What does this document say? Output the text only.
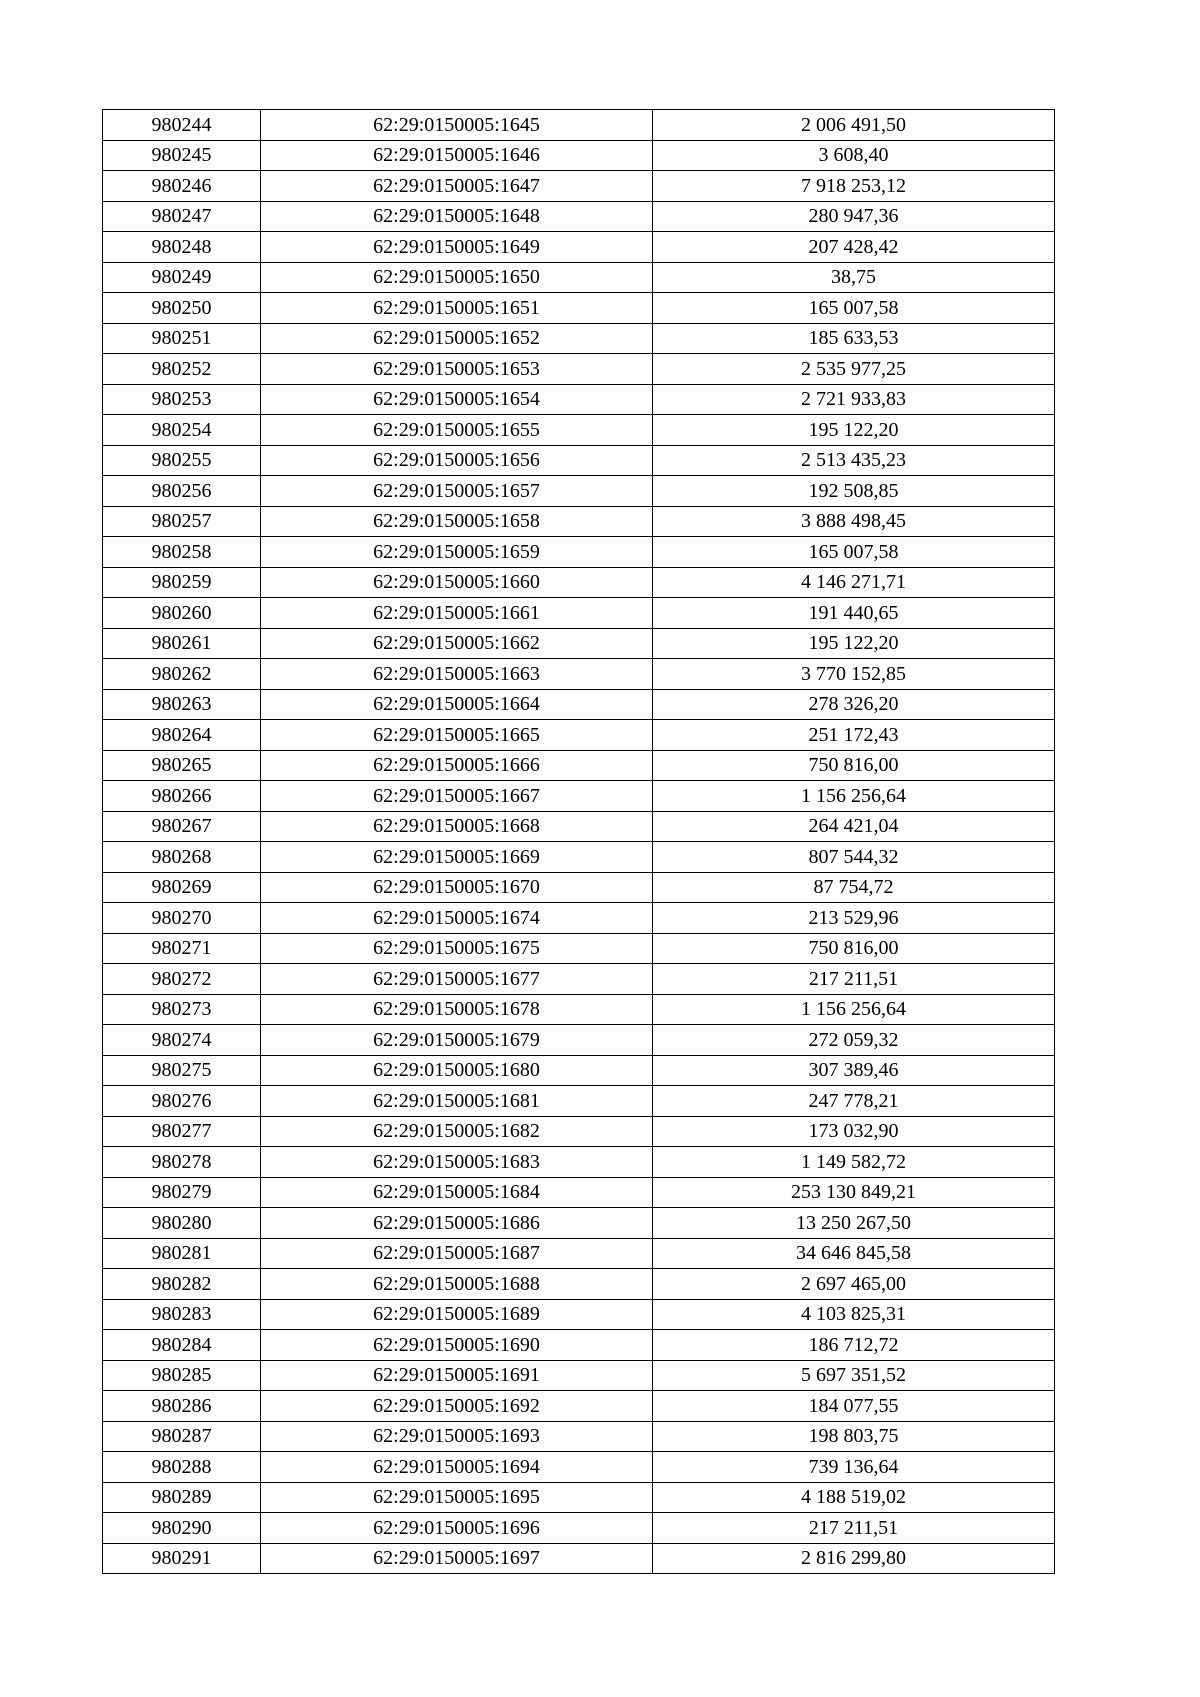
980244	62:29:0150005:1645	2 006 491,50
980245	62:29:0150005:1646	3 608,40
980246	62:29:0150005:1647	7 918 253,12
980247	62:29:0150005:1648	280 947,36
980248	62:29:0150005:1649	207 428,42
980249	62:29:0150005:1650	38,75
980250	62:29:0150005:1651	165 007,58
980251	62:29:0150005:1652	185 633,53
980252	62:29:0150005:1653	2 535 977,25
980253	62:29:0150005:1654	2 721 933,83
980254	62:29:0150005:1655	195 122,20
980255	62:29:0150005:1656	2 513 435,23
980256	62:29:0150005:1657	192 508,85
980257	62:29:0150005:1658	3 888 498,45
980258	62:29:0150005:1659	165 007,58
980259	62:29:0150005:1660	4 146 271,71
980260	62:29:0150005:1661	191 440,65
980261	62:29:0150005:1662	195 122,20
980262	62:29:0150005:1663	3 770 152,85
980263	62:29:0150005:1664	278 326,20
980264	62:29:0150005:1665	251 172,43
980265	62:29:0150005:1666	750 816,00
980266	62:29:0150005:1667	1 156 256,64
980267	62:29:0150005:1668	264 421,04
980268	62:29:0150005:1669	807 544,32
980269	62:29:0150005:1670	87 754,72
980270	62:29:0150005:1674	213 529,96
980271	62:29:0150005:1675	750 816,00
980272	62:29:0150005:1677	217 211,51
980273	62:29:0150005:1678	1 156 256,64
980274	62:29:0150005:1679	272 059,32
980275	62:29:0150005:1680	307 389,46
980276	62:29:0150005:1681	247 778,21
980277	62:29:0150005:1682	173 032,90
980278	62:29:0150005:1683	1 149 582,72
980279	62:29:0150005:1684	253 130 849,21
980280	62:29:0150005:1686	13 250 267,50
980281	62:29:0150005:1687	34 646 845,58
980282	62:29:0150005:1688	2 697 465,00
980283	62:29:0150005:1689	4 103 825,31
980284	62:29:0150005:1690	186 712,72
980285	62:29:0150005:1691	5 697 351,52
980286	62:29:0150005:1692	184 077,55
980287	62:29:0150005:1693	198 803,75
980288	62:29:0150005:1694	739 136,64
980289	62:29:0150005:1695	4 188 519,02
980290	62:29:0150005:1696	217 211,51
980291	62:29:0150005:1697	2 816 299,80
